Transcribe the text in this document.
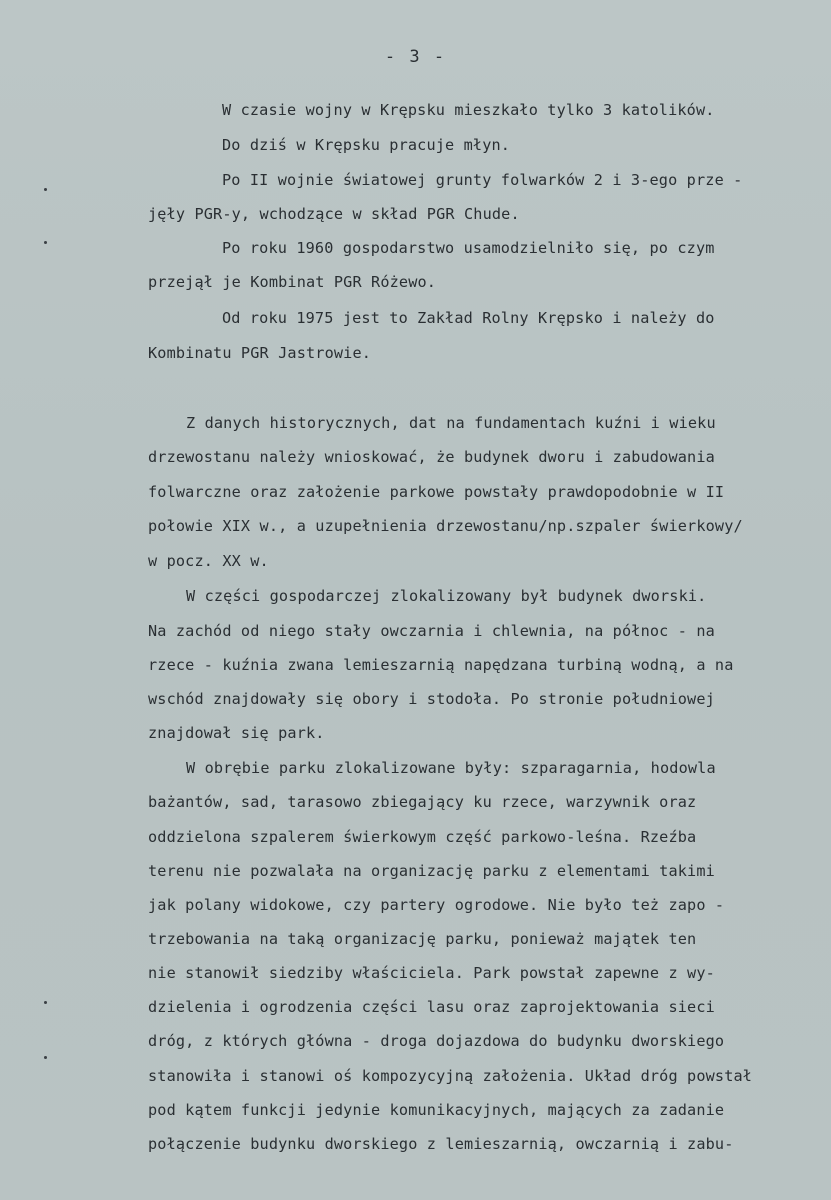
- 3 -
W czasie wojny w Krępsku mieszkało tylko 3 katolików.
Do dziś w Krępsku pracuje młyn.
Po II wojnie światowej grunty folwarków 2 i 3-ego prze -
jęły PGR-y, wchodzące w skład PGR Chude.
Po roku 1960 gospodarstwo usamodzielniło się, po czym
przejął je Kombinat PGR Różewo.
Od roku 1975 jest to Zakład Rolny Krępsko i należy do
Kombinatu PGR Jastrowie.
Z danych historycznych, dat na fundamentach kuźni i wieku
drzewostanu należy wnioskować, że budynek dworu i zabudowania
folwarczne oraz założenie parkowe powstały prawdopodobnie w II
połowie XIX w., a uzupełnienia drzewostanu/np.szpaler świerkowy/
w pocz. XX w.
W części gospodarczej zlokalizowany był budynek dworski.
Na zachód od niego stały owczarnia i chlewnia, na północ - na
rzece - kuźnia zwana lemieszarnią napędzana turbiną wodną, a na
wschód znajdowały się obory i stodoła. Po stronie południowej
znajdował się park.
W obrębie parku zlokalizowane były: szparagarnia, hodowla
bażantów, sad, tarasowo zbiegający ku rzece, warzywnik oraz
oddzielona szpalerem świerkowym część parkowo-leśna. Rzeźba
terenu nie pozwalała na organizację parku z elementami takimi
jak polany widokowe, czy partery ogrodowe. Nie było też zapo -
trzebowania na taką organizację parku, ponieważ majątek ten
nie stanowił siedziby właściciela. Park powstał zapewne z wy-
dzielenia i ogrodzenia części lasu oraz zaprojektowania sieci
dróg, z których główna - droga dojazdowa do budynku dworskiego
stanowiła i stanowi oś kompozycyjną założenia. Układ dróg powstał
pod kątem funkcji jedynie komunikacyjnych, mających za zadanie
połączenie budynku dworskiego z lemieszarnią, owczarnią i zabu-
